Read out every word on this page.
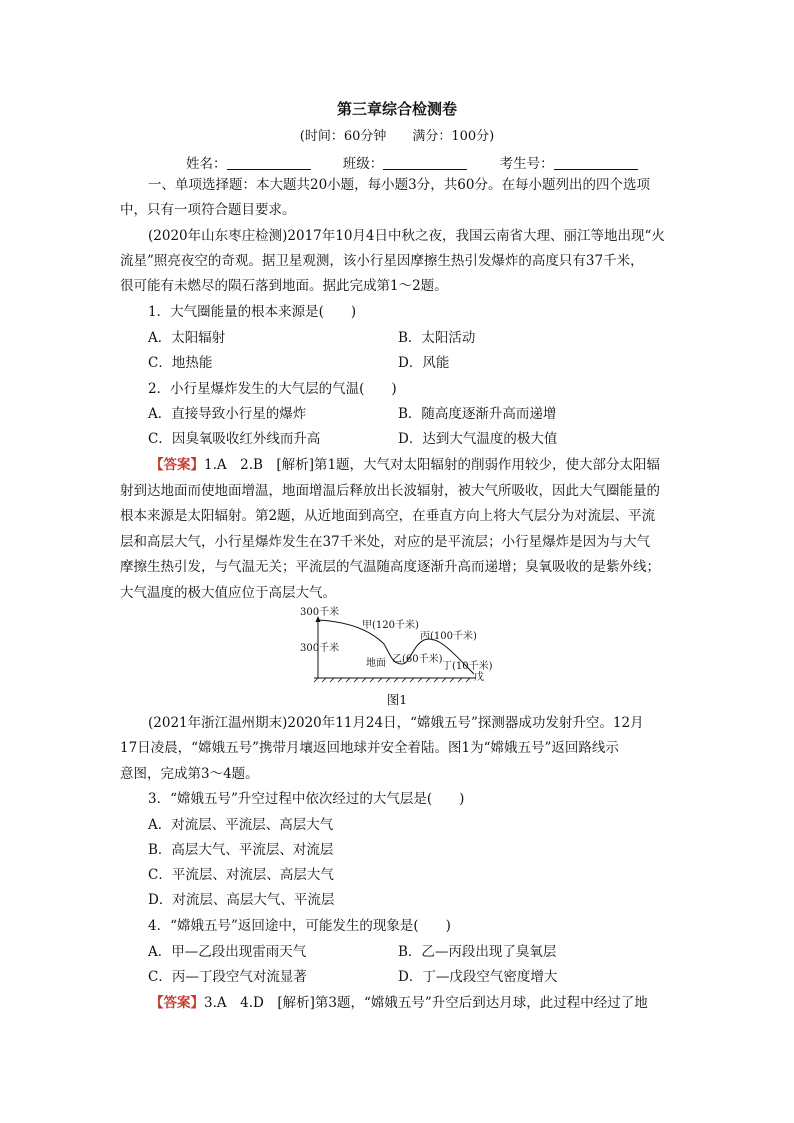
第三章综合检测卷
(时间：60分钟　　满分：100分)
姓名：	班级：	考生号：
一、单项选择题：本大题共20小题，每小题3分，共60分。在每小题列出的四个选项
中，只有一项符合题目要求。
(2020年山东枣庄检测)2017年10月4日中秋之夜，我国云南省大理、丽江等地出现“火
流星”照亮夜空的奇观。据卫星观测，该小行星因摩擦生热引发爆炸的高度只有37千米，
很可能有未燃尽的陨石落到地面。据此完成第1～2题。
1．大气圈能量的根本来源是(　　)
A．太阳辐射	B．太阳活动
C．地热能	D．风能
2．小行星爆炸发生的大气层的气温(　　)
A．直接导致小行星的爆炸	B．随高度逐渐升高而递增
C．因臭氧吸收红外线而升高	D．达到大气温度的极大值
【答案】1.A　2.B　[解析]第1题，大气对太阳辐射的削弱作用较少，使大部分太阳辐
射到达地面而使地面增温，地面增温后释放出长波辐射，被大气所吸收，因此大气圈能量的
根本来源是太阳辐射。第2题，从近地面到高空，在垂直方向上将大气层分为对流层、平流
层和高层大气，小行星爆炸发生在37千米处，对应的是平流层；小行星爆炸是因为与大气
摩擦生热引发，与气温无关；平流层的气温随高度逐渐升高而递增；臭氧吸收的是紫外线；
大气温度的极大值应位于高层大气。
300千米
300千米
甲(120千米)
丙(100千米)
乙(60千米)
丁(10千米)
地面
戊
图1
(2021年浙江温州期末)2020年11月24日，“嫦娥五号”探测器成功发射升空。12月
17日凌晨，“嫦娥五号”携带月壤返回地球并安全着陆。图1为“嫦娥五号”返回路线示
意图，完成第3～4题。
3．“嫦娥五号”升空过程中依次经过的大气层是(　　)
A．对流层、平流层、高层大气
B．高层大气、平流层、对流层
C．平流层、对流层、高层大气
D．对流层、高层大气、平流层
4．“嫦娥五号”返回途中，可能发生的现象是(　　)
A．甲—乙段出现雷雨天气	B．乙—丙段出现了臭氧层
C．丙—丁段空气对流显著	D．丁—戊段空气密度增大
【答案】3.A　4.D　[解析]第3题，“嫦娥五号”升空后到达月球，此过程中经过了地
